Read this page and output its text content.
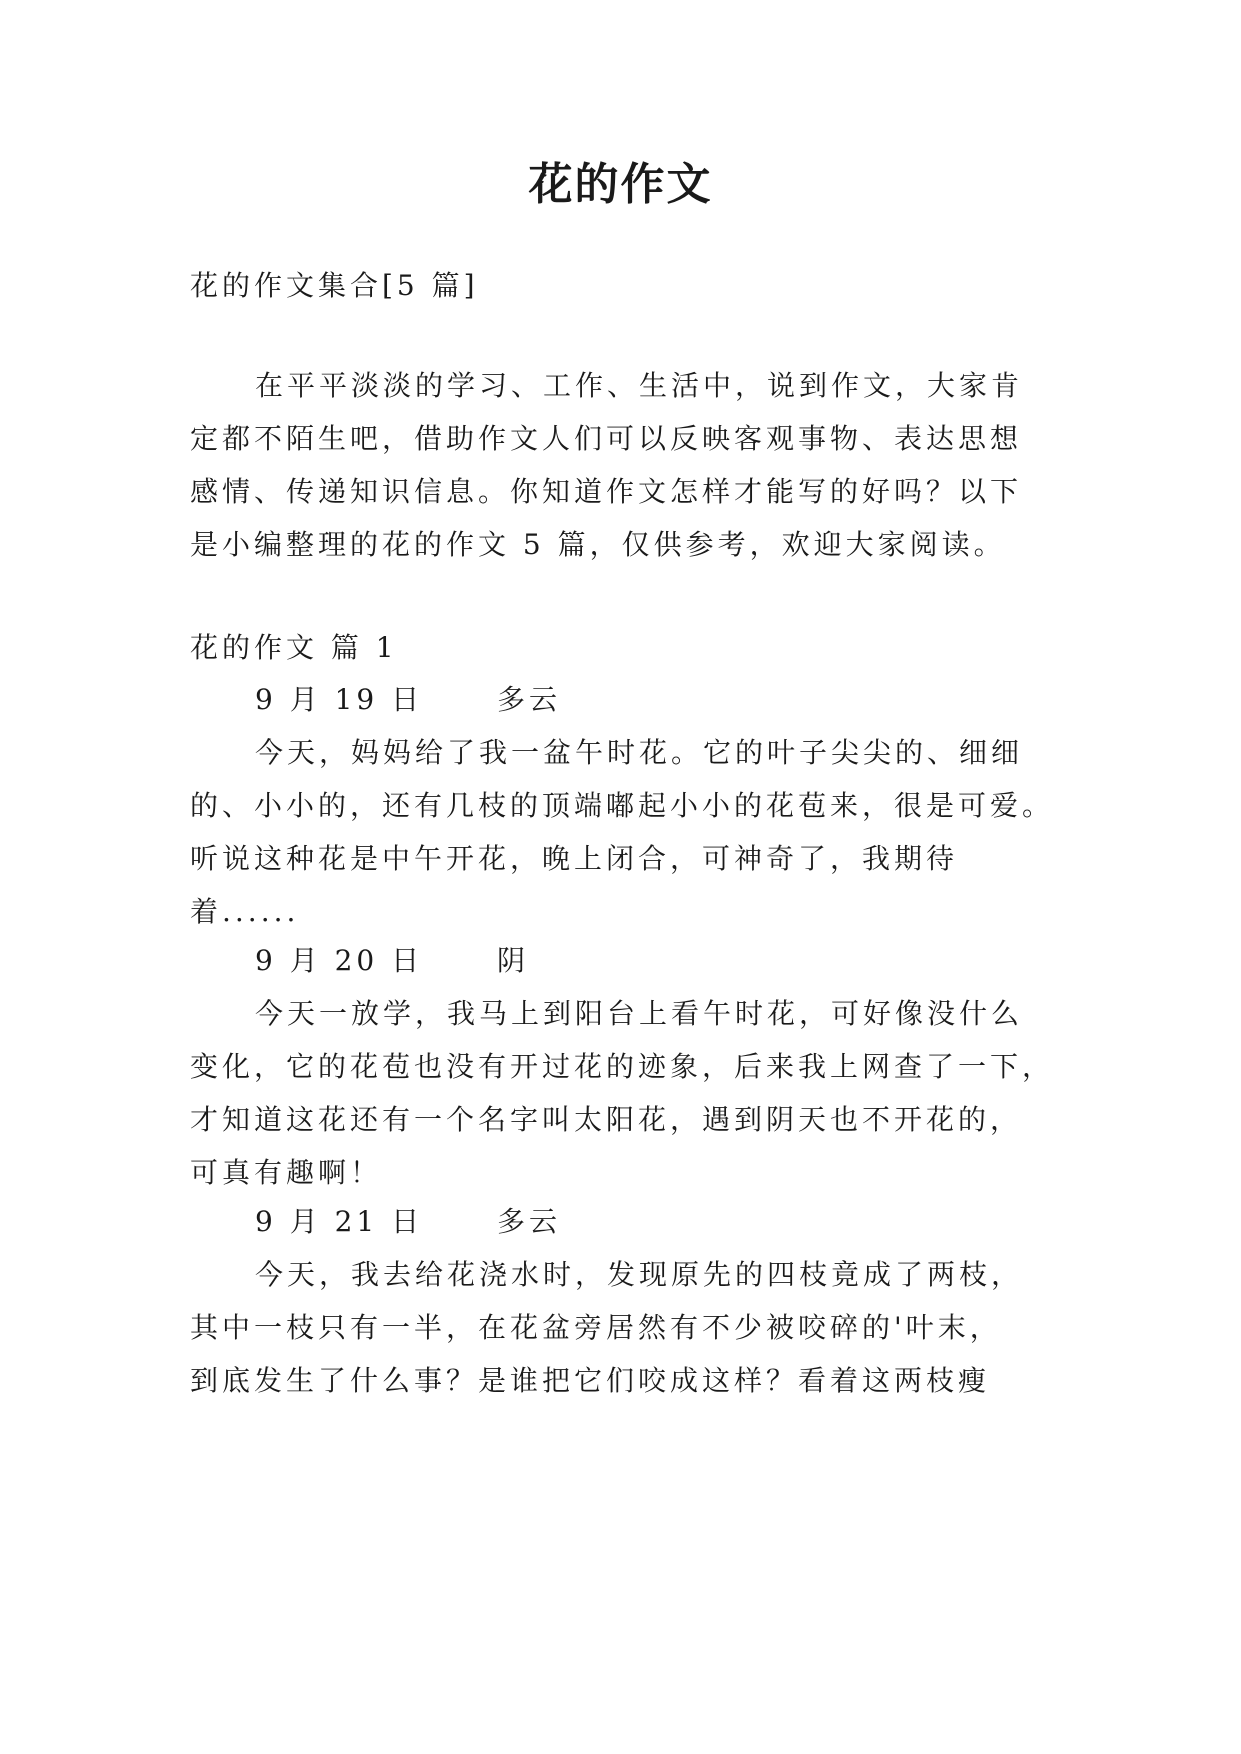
花的作文

花的作文集合[5 篇]

在平平淡淡的学习、工作、生活中，说到作文，大家肯

定都不陌生吧，借助作文人们可以反映客观事物、表达思想

感情、传递知识信息。你知道作文怎样才能写的好吗？以下

是小编整理的花的作文 5 篇，仅供参考，欢迎大家阅读。

花的作文 篇 1

9 月 19 日	多云

今天，妈妈给了我一盆午时花。它的叶子尖尖的、细细

的、小小的，还有几枝的顶端嘟起小小的花苞来，很是可爱。

听说这种花是中午开花，晚上闭合，可神奇了，我期待

着......

9 月 20 日	阴

今天一放学，我马上到阳台上看午时花，可好像没什么

变化，它的花苞也没有开过花的迹象，后来我上网查了一下，

才知道这花还有一个名字叫太阳花，遇到阴天也不开花的，

可真有趣啊！

9 月 21 日	多云

今天，我去给花浇水时，发现原先的四枝竟成了两枝，

其中一枝只有一半，在花盆旁居然有不少被咬碎的'叶末，

到底发生了什么事？是谁把它们咬成这样？看着这两枝瘦
